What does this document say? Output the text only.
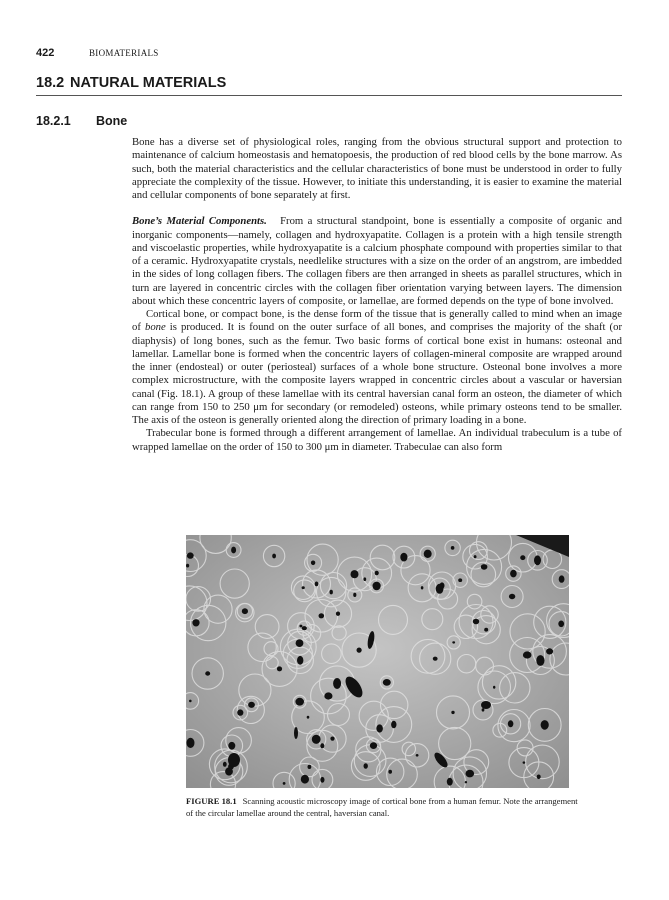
422	BIOMATERIALS
18.2 NATURAL MATERIALS
18.2.1 Bone

Bone has a diverse set of physiological roles, ranging from the obvious structural support and protection to maintenance of calcium homeostasis and hematopoesis, the production of red blood cells by the bone marrow. As such, both the material characteristics and the cellular characteristics of bone must be understood in order to fully appreciate the complexity of the tissue. However, to initiate this understanding, it is easier to examine the material and cellular components of bone separately at first.

Bone’s Material Components. From a structural standpoint, bone is essentially a composite of organic and inorganic components—namely, collagen and hydroxyapatite. Collagen is a protein with a high tensile strength and viscoelastic properties, while hydroxyapatite is a calcium phosphate compound with properties similar to that of a ceramic. Hydroxyapatite crystals, needlelike structures with a size on the order of an angstrom, are imbedded in the sides of long collagen fibers. The collagen fibers are then arranged in sheets as parallel structures, which in turn are layered in concentric circles with the collagen fiber orientation varying between layers. The dimension about which these concentric layers of composite, or lamellae, are formed depends on the type of bone involved.

Cortical bone, or compact bone, is the dense form of the tissue that is generally called to mind when an image of bone is produced. It is found on the outer surface of all bones, and comprises the majority of the shaft (or diaphysis) of long bones, such as the femur. Two basic forms of cortical bone exist in humans: osteonal and lamellar. Lamellar bone is formed when the concentric layers of collagen-mineral composite are wrapped around the inner (endosteal) or outer (periosteal) surfaces of a whole bone structure. Osteonal bone involves a more complex microstructure, with the composite layers wrapped in concentric circles about a vascular or haversian canal (Fig. 18.1). A group of these lamellae with its central haversian canal form an osteon, the diameter of which can range from 150 to 250 μm for secondary (or remodeled) osteons, while primary osteons tend to be smaller. The axis of the osteon is generally oriented along the direction of primary loading in a bone.

Trabecular bone is formed through a different arrangement of lamellae. An individual trabeculum is a tube of wrapped lamellae on the order of 150 to 300 μm in diameter. Trabeculae can also form

FIGURE 18.1 Scanning acoustic microscopy image of cortical bone from a human femur. Note the arrangement of the circular lamellae around the central, haversian canal.
